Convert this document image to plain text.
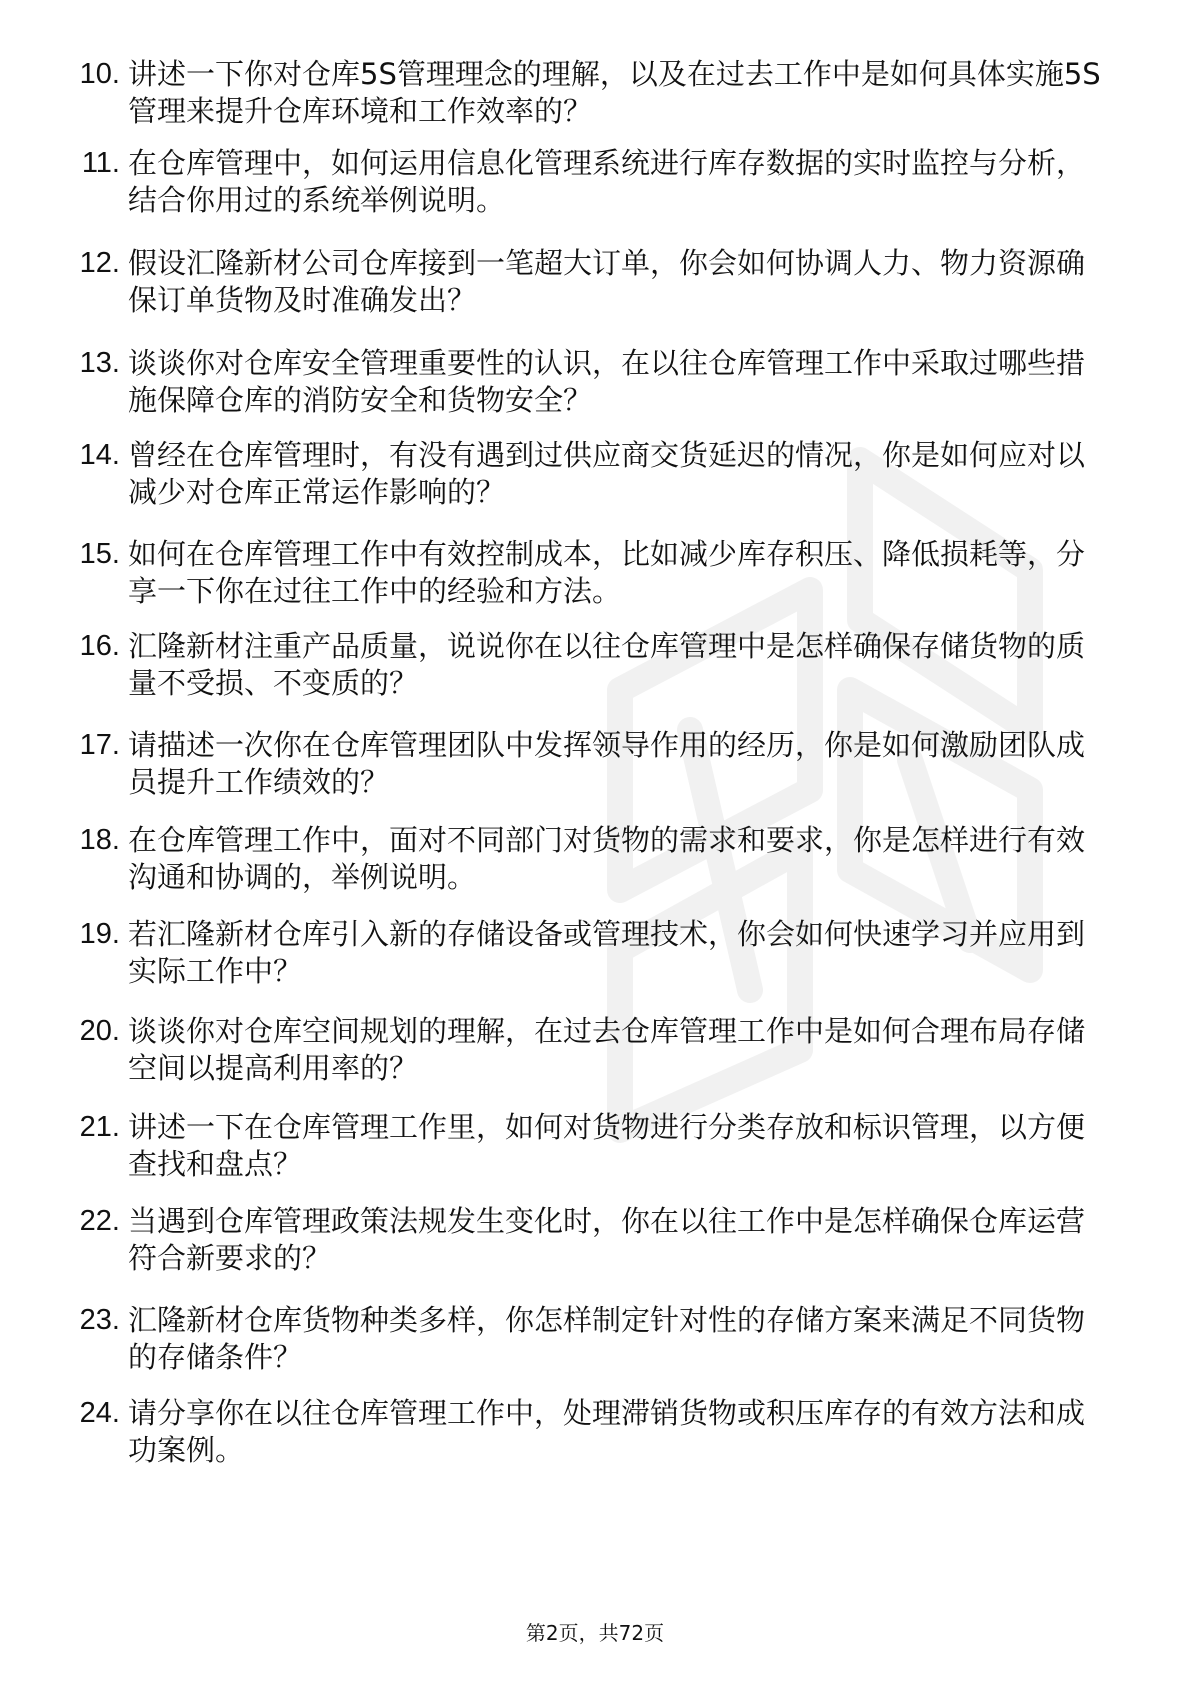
10. 讲述一下你对仓库5S管理理念的理解，以及在过去工作中是如何具体实施5S管理来提升仓库环境和工作效率的？
11. 在仓库管理中，如何运用信息化管理系统进行库存数据的实时监控与分析，结合你用过的系统举例说明。
12. 假设汇隆新材公司仓库接到一笔超大订单，你会如何协调人力、物力资源确保订单货物及时准确发出？
13. 谈谈你对仓库安全管理重要性的认识，在以往仓库管理工作中采取过哪些措施保障仓库的消防安全和货物安全？
14. 曾经在仓库管理时，有没有遇到过供应商交货延迟的情况，你是如何应对以减少对仓库正常运作影响的？
15. 如何在仓库管理工作中有效控制成本，比如减少库存积压、降低损耗等，分享一下你在过往工作中的经验和方法。
16. 汇隆新材注重产品质量，说说你在以往仓库管理中是怎样确保存储货物的质量不受损、不变质的？
17. 请描述一次你在仓库管理团队中发挥领导作用的经历，你是如何激励团队成员提升工作绩效的？
18. 在仓库管理工作中，面对不同部门对货物的需求和要求，你是怎样进行有效沟通和协调的，举例说明。
19. 若汇隆新材仓库引入新的存储设备或管理技术，你会如何快速学习并应用到实际工作中？
20. 谈谈你对仓库空间规划的理解，在过去仓库管理工作中是如何合理布局存储空间以提高利用率的？
21. 讲述一下在仓库管理工作里，如何对货物进行分类存放和标识管理，以方便查找和盘点？
22. 当遇到仓库管理政策法规发生变化时，你在以往工作中是怎样确保仓库运营符合新要求的？
23. 汇隆新材仓库货物种类多样，你怎样制定针对性的存储方案来满足不同货物的存储条件？
24. 请分享你在以往仓库管理工作中，处理滞销货物或积压库存的有效方法和成功案例。
第2页，共72页
